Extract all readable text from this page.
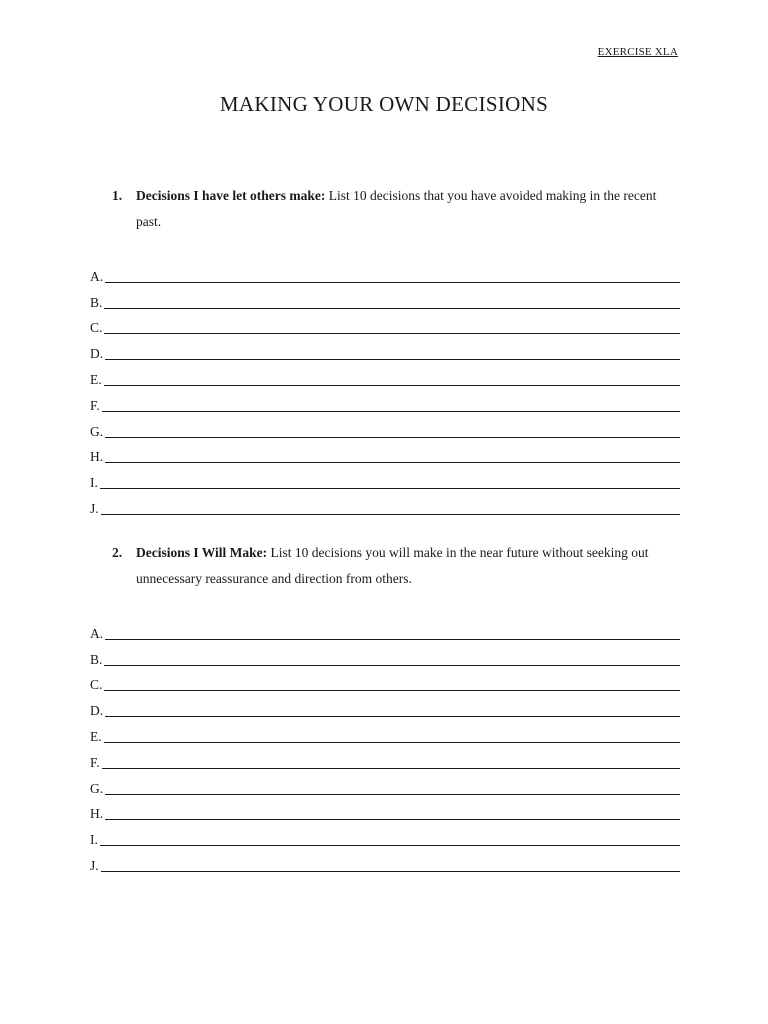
EXERCISE XLA
MAKING YOUR OWN DECISIONS
1. Decisions I have let others make: List 10 decisions that you have avoided making in the recent past.
A.
B.
C.
D.
E.
F.
G.
H.
I.
J.
2. Decisions I Will Make: List 10 decisions you will make in the near future without seeking out unnecessary reassurance and direction from others.
A.
B.
C.
D.
E.
F.
G.
H.
I.
J.
